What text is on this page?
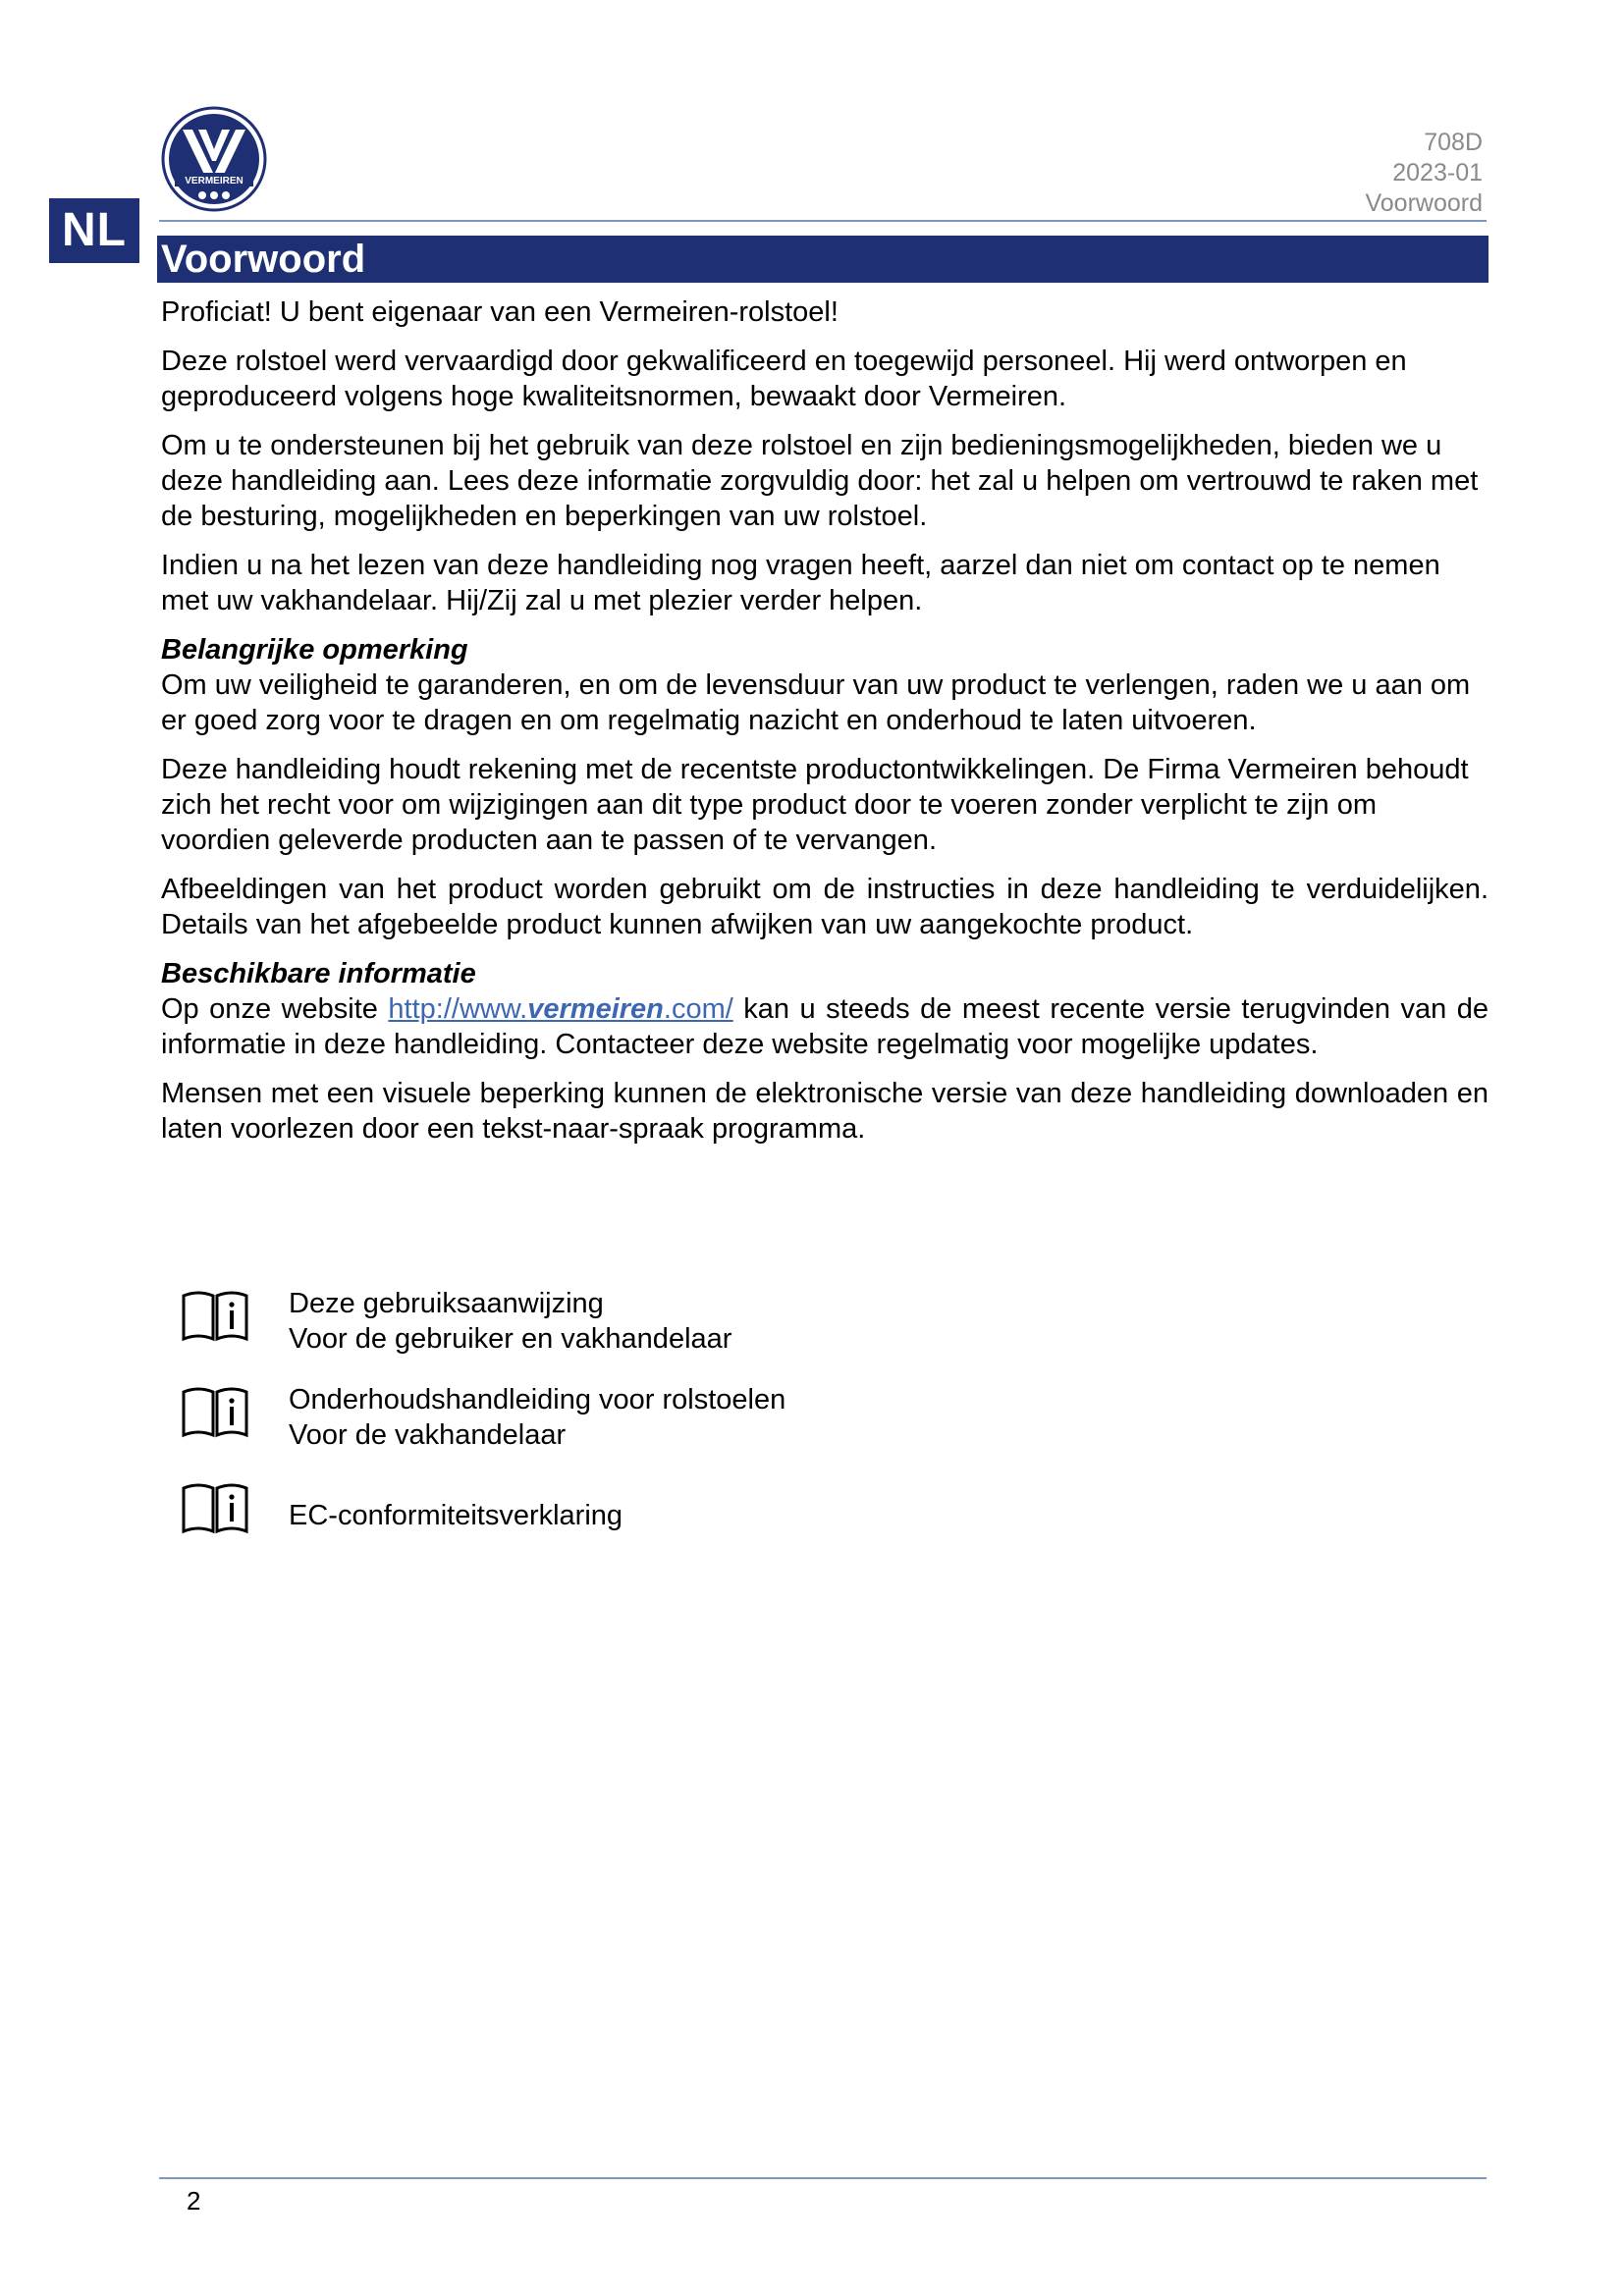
VERMEIREN
708D
2023-01
Voorwoord
NL
Voorwoord

Proficiat! U bent eigenaar van een Vermeiren-rolstoel!

Deze rolstoel werd vervaardigd door gekwalificeerd en toegewijd personeel. Hij werd ontworpen en geproduceerd volgens hoge kwaliteitsnormen, bewaakt door Vermeiren.

Om u te ondersteunen bij het gebruik van deze rolstoel en zijn bedieningsmogelijkheden, bieden we u deze handleiding aan. Lees deze informatie zorgvuldig door: het zal u helpen om vertrouwd te raken met de besturing, mogelijkheden en beperkingen van uw rolstoel.

Indien u na het lezen van deze handleiding nog vragen heeft, aarzel dan niet om contact op te nemen met uw vakhandelaar. Hij/Zij zal u met plezier verder helpen.

Belangrijke opmerking

Om uw veiligheid te garanderen, en om de levensduur van uw product te verlengen, raden we u aan om er goed zorg voor te dragen en om regelmatig nazicht en onderhoud te laten uitvoeren.

Deze handleiding houdt rekening met de recentste productontwikkelingen. De Firma Vermeiren behoudt zich het recht voor om wijzigingen aan dit type product door te voeren zonder verplicht te zijn om voordien geleverde producten aan te passen of te vervangen.

Afbeeldingen van het product worden gebruikt om de instructies in deze handleiding te verduidelijken. Details van het afgebeelde product kunnen afwijken van uw aangekochte product.

Beschikbare informatie

Op onze website http://www.vermeiren.com/ kan u steeds de meest recente versie terugvinden van de informatie in deze handleiding. Contacteer deze website regelmatig voor mogelijke updates.

Mensen met een visuele beperking kunnen de elektronische versie van deze handleiding downloaden en laten voorlezen door een tekst-naar-spraak programma.

Deze gebruiksaanwijzing
Voor de gebruiker en vakhandelaar
Onderhoudshandleiding voor rolstoelen
Voor de vakhandelaar
EC-conformiteitsverklaring
2
